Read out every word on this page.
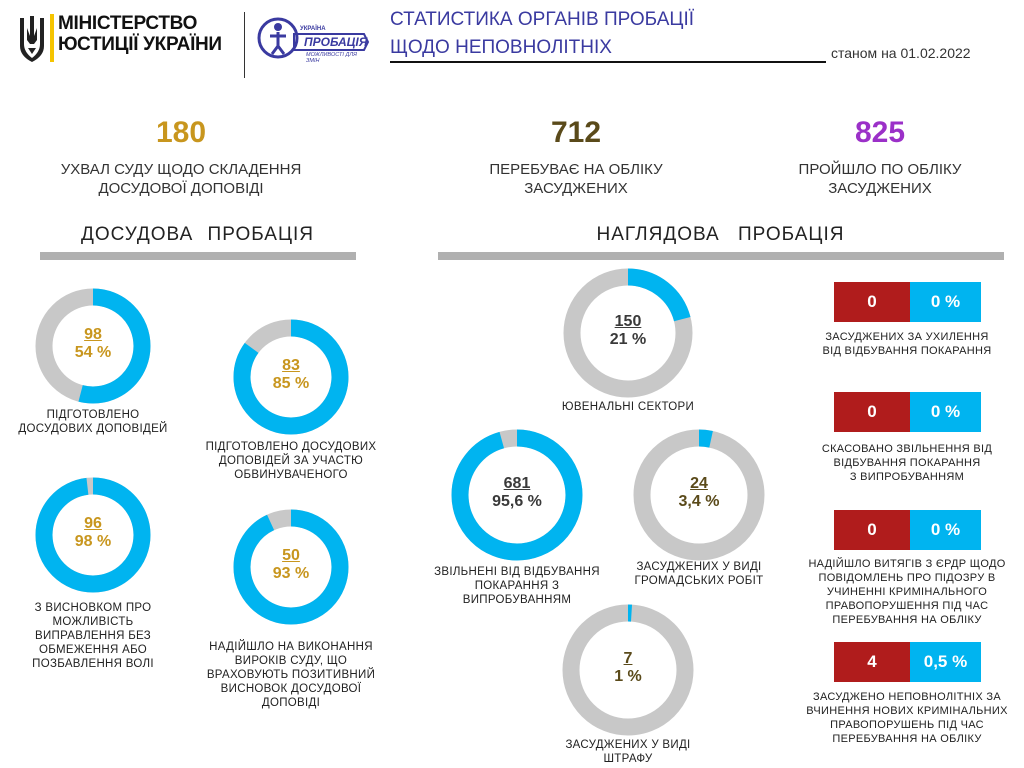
МІНІСТЕРСТВО
ЮСТИЦІЇ УКРАЇНИ
УКРАЇНА
ПРОБАЦІЯ
МОЖЛИВОСТІ ДЛЯ ЗМІН
СТАТИСТИКА ОРГАНІВ ПРОБАЦІЇ
ЩОДО НЕПОВНОЛІТНІХ	станом на 01.02.2022
180
УХВАЛ СУДУ ЩОДО СКЛАДЕННЯ
ДОСУДОВОЇ ДОПОВІДІ
712
ПЕРЕБУВАЄ НА ОБЛІКУ
ЗАСУДЖЕНИХ
825
ПРОЙШЛО ПО ОБЛІКУ
ЗАСУДЖЕНИХ
ДОСУДОВА ПРОБАЦІЯ	НАГЛЯДОВА ПРОБАЦІЯ
98
54 %
ПІДГОТОВЛЕНО
ДОСУДОВИХ ДОПОВІДЕЙ
83
85 %
ПІДГОТОВЛЕНО ДОСУДОВИХ
ДОПОВІДЕЙ ЗА УЧАСТЮ
ОБВИНУВАЧЕНОГО
96
98 %
З ВИСНОВКОМ ПРО
МОЖЛИВІСТЬ
ВИПРАВЛЕННЯ БЕЗ
ОБМЕЖЕННЯ АБО
ПОЗБАВЛЕННЯ ВОЛІ
50
93 %
НАДІЙШЛО НА ВИКОНАННЯ
ВИРОКІВ СУДУ, ЩО
ВРАХОВУЮТЬ ПОЗИТИВНИЙ
ВИСНОВОК ДОСУДОВОЇ
ДОПОВІДІ
150
21 %
ЮВЕНАЛЬНІ СЕКТОРИ
681
95,6 %
ЗВІЛЬНЕНІ ВІД ВІДБУВАННЯ
ПОКАРАННЯ З
ВИПРОБУВАННЯМ
24
3,4 %
ЗАСУДЖЕНИХ У ВИДІ
ГРОМАДСЬКИХ РОБІТ
7
1 %
ЗАСУДЖЕНИХ У ВИДІ
ШТРАФУ
0	0 %
ЗАСУДЖЕНИХ ЗА УХИЛЕННЯ
ВІД ВІДБУВАННЯ ПОКАРАННЯ
0	0 %
СКАСОВАНО ЗВІЛЬНЕННЯ ВІД
ВІДБУВАННЯ ПОКАРАННЯ
З ВИПРОБУВАННЯМ
0	0 %
НАДІЙШЛО ВИТЯГІВ З ЄРДР ЩОДО
ПОВІДОМЛЕНЬ ПРО ПІДОЗРУ В
УЧИНЕННІ КРИМІНАЛЬНОГО
ПРАВОПОРУШЕННЯ ПІД ЧАС
ПЕРЕБУВАННЯ НА ОБЛІКУ
4	0,5 %
ЗАСУДЖЕНО НЕПОВНОЛІТНІХ ЗА
ВЧИНЕННЯ НОВИХ КРИМІНАЛЬНИХ
ПРАВОПОРУШЕНЬ ПІД ЧАС
ПЕРЕБУВАННЯ НА ОБЛІКУ
